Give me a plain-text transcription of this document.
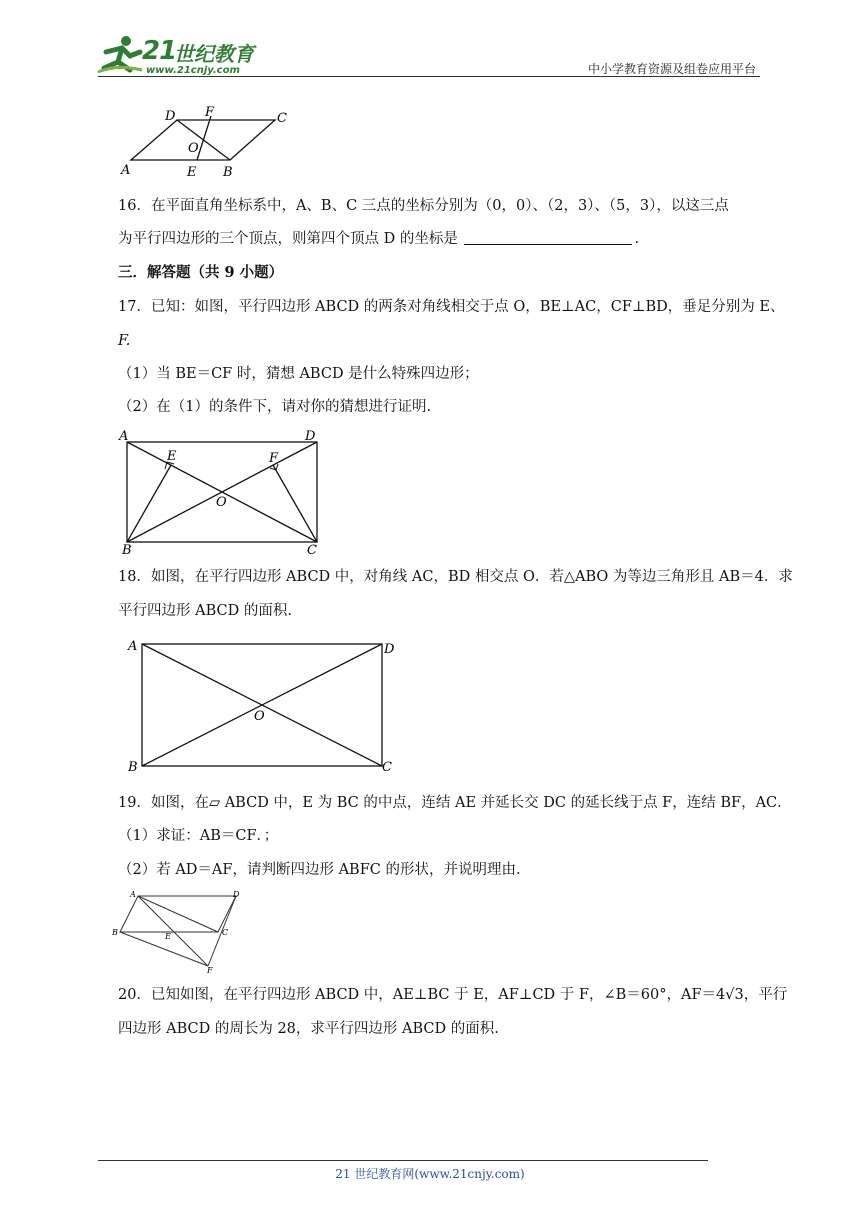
21
世纪教育
www.21cnjy.com	中小学教育资源及组卷应用平台
D F	C
O
A	E B
16．在平面直角坐标系中，A、B、C 三点的坐标分别为（0，0）、（2，3）、（5，3），以这三点
为平行四边形的三个顶点，则第四个顶点 D 的坐标是	.
三．解答题（共 9 小题）
17．已知：如图，平行四边形 ABCD 的两条对角线相交于点 O，BE⊥AC，CF⊥BD，垂足分别为 E、
F.
（1）当 BE＝CF 时，猜想 ABCD 是什么特殊四边形；
（2）在（1）的条件下，请对你的猜想进行证明.
A	D
E	F
O
B	C
18．如图，在平行四边形 ABCD 中，对角线 AC，BD 相交点 O．若△ABO 为等边三角形且 AB＝4．求
平行四边形 ABCD 的面积.
A	D
O
B	C
19．如图，在▱ ABCD 中，E 为 BC 的中点，连结 AE 并延长交 DC 的延长线于点 F，连结 BF，AC．
（1）求证：AB＝CF．；
（2）若 AD＝AF，请判断四边形 ABFC 的形状，并说明理由.
A	D
B	E	C
F
20．已知如图，在平行四边形 ABCD 中，AE⊥BC 于 E，AF⊥CD 于 F，∠B＝60°，AF＝4√3，平行
四边形 ABCD 的周长为 28，求平行四边形 ABCD 的面积.
21 世纪教育网(www.21cnjy.com)
